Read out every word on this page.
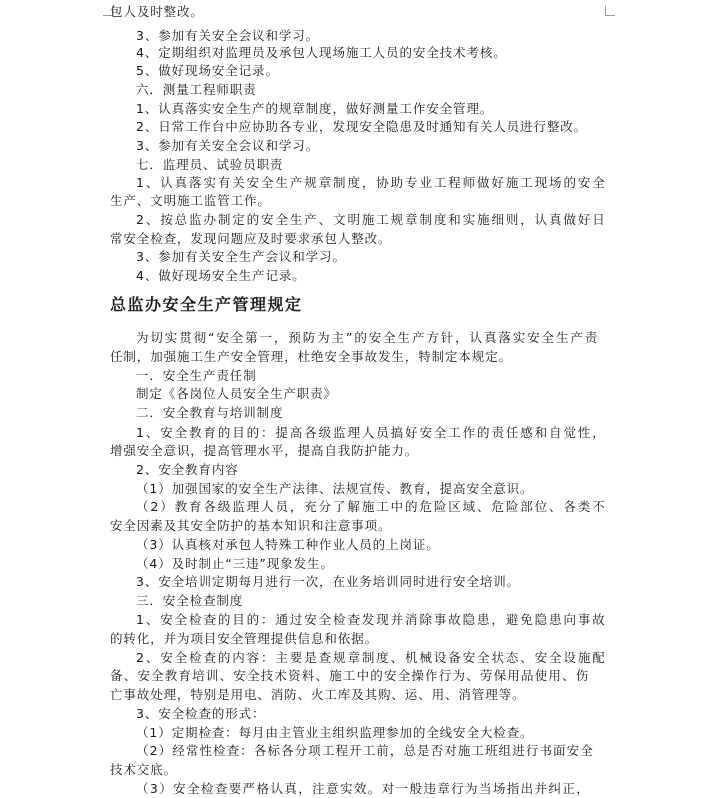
包人及时整改。
3、参加有关安全会议和学习。
4、定期组织对监理员及承包人现场施工人员的安全技术考核。
5、做好现场安全记录。
六．测量工程师职责
1、认真落实安全生产的规章制度，做好测量工作安全管理。
2、日常工作台中应协助各专业，发现安全隐患及时通知有关人员进行整改。
3、参加有关安全会议和学习。
七．监理员、试验员职责
1、认真落实有关安全生产规章制度，协助专业工程师做好施工现场的安全
生产、文明施工监管工作。
2、按总监办制定的安全生产、文明施工规章制度和实施细则，认真做好日
常安全检查，发现问题应及时要求承包人整改。
3、参加有关安全生产会议和学习。
4、做好现场安全生产记录。
总监办安全生产管理规定
为切实贯彻“安全第一，预防为主”的安全生产方针，认真落实安全生产责
任制，加强施工生产安全管理，杜绝安全事故发生，特制定本规定。
一．安全生产责任制
制定《各岗位人员安全生产职责》
二．安全教育与培训制度
1、安全教育的目的：提高各级监理人员搞好安全工作的责任感和自觉性，
增强安全意识，提高管理水平，提高自我防护能力。
2、安全教育内容
（1）加强国家的安全生产法律、法规宣传、教育，提高安全意识。
（2）教育各级监理人员，充分了解施工中的危险区域、危险部位、各类不
安全因素及其安全防护的基本知识和注意事项。
（3）认真核对承包人特殊工种作业人员的上岗证。
（4）及时制止“三违”现象发生。
3、安全培训定期每月进行一次，在业务培训同时进行安全培训。
三．安全检查制度
1、安全检查的目的：通过安全检查发现并消除事故隐患，避免隐患向事故
的转化，并为项目安全管理提供信息和依据。
2、安全检查的内容：主要是查规章制度、机械设备安全状态、安全设施配
备、安全教育培训、安全技术资料、施工中的安全操作行为、劳保用品使用、伤
亡事故处理，特别是用电、消防、火工库及其购、运、用、消管理等。
3、安全检查的形式：
（1）定期检查：每月由主管业主组织监理参加的全线安全大检查。
（2）经常性检查：各标各分项工程开工前，总是否对施工班组进行书面安全
技术交底。
（3）安全检查要严格认真，注意实效。对一般违章行为当场指出并纠正，
